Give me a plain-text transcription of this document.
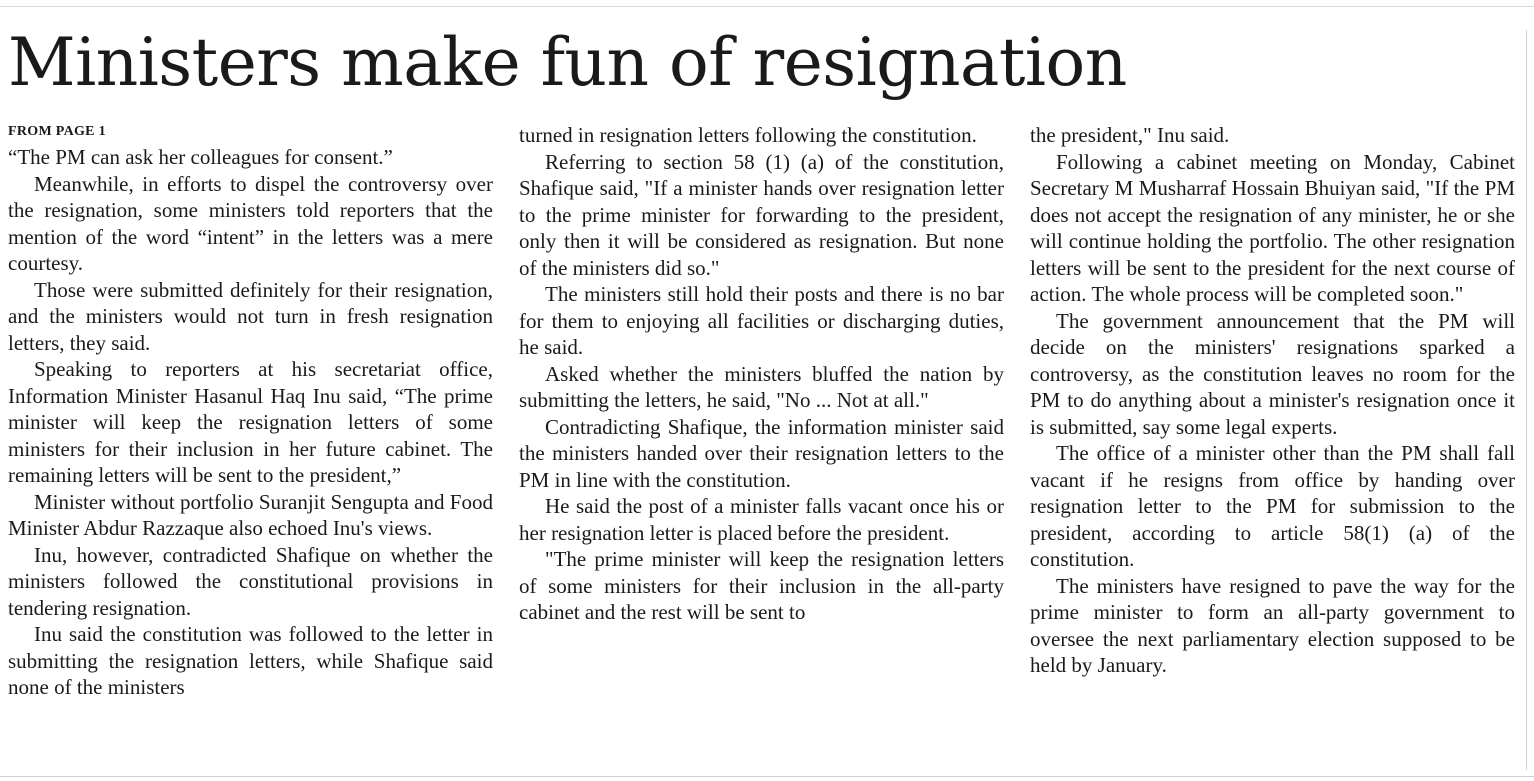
Ministers make fun of resignation
FROM PAGE 1

“The PM can ask her colleagues for consent.”

Meanwhile, in efforts to dispel the controversy over the resignation, some ministers told reporters that the mention of the word “intent” in the letters was a mere courtesy.

Those were submitted definitely for their resignation, and the ministers would not turn in fresh resignation letters, they said.

Speaking to reporters at his secretariat office, Information Minister Hasanul Haq Inu said, “The prime minister will keep the resignation letters of some ministers for their inclusion in her future cabinet. The remaining letters will be sent to the president,”

Minister without portfolio Suranjit Sengupta and Food Minister Abdur Razzaque also echoed Inu's views.

Inu, however, contradicted Shafique on whether the ministers followed the constitutional provisions in tendering resignation.

Inu said the constitution was followed to the letter in submitting the resignation letters, while Shafique said none of the ministers

turned in resignation letters following the constitution.

Referring to section 58 (1) (a) of the constitution, Shafique said, "If a minister hands over resignation letter to the prime minister for forwarding to the president, only then it will be considered as resignation. But none of the ministers did so."

The ministers still hold their posts and there is no bar for them to enjoying all facilities or discharging duties, he said.

Asked whether the ministers bluffed the nation by submitting the letters, he said, "No ... Not at all."

Contradicting Shafique, the information minister said the ministers handed over their resignation letters to the PM in line with the constitution.

He said the post of a minister falls vacant once his or her resignation letter is placed before the president.

"The prime minister will keep the resignation letters of some ministers for their inclusion in the all-party cabinet and the rest will be sent to

the president," Inu said.

Following a cabinet meeting on Monday, Cabinet Secretary M Musharraf Hossain Bhuiyan said, "If the PM does not accept the resignation of any minister, he or she will continue holding the portfolio. The other resignation letters will be sent to the president for the next course of action. The whole process will be completed soon."

The government announcement that the PM will decide on the ministers' resignations sparked a controversy, as the constitution leaves no room for the PM to do anything about a minister's resignation once it is submitted, say some legal experts.

The office of a minister other than the PM shall fall vacant if he resigns from office by handing over resignation letter to the PM for submission to the president, according to article 58(1) (a) of the constitution.

The ministers have resigned to pave the way for the prime minister to form an all-party government to oversee the next parliamentary election supposed to be held by January.
